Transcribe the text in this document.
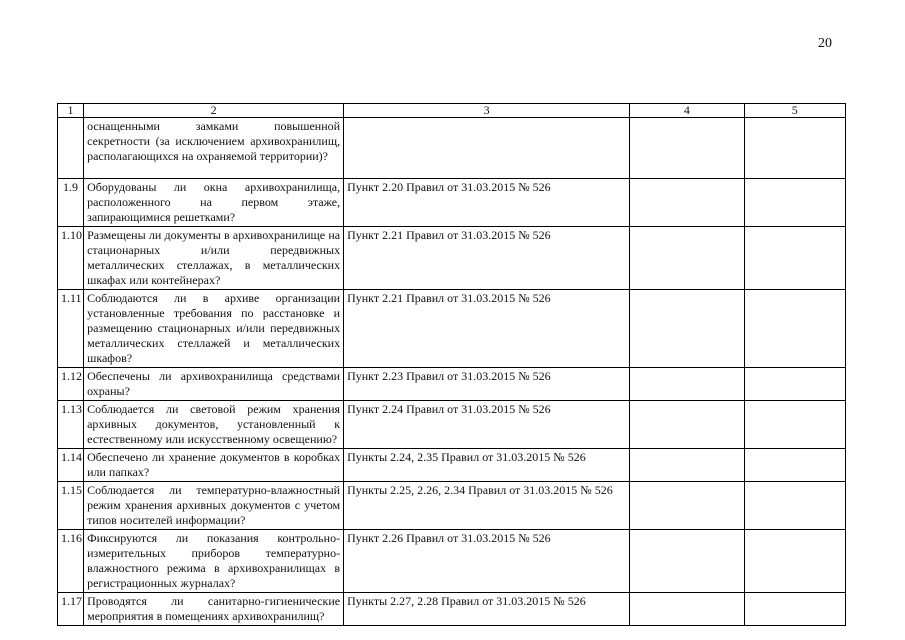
20
1	2	3	4	5
	оснащенными замками повышенной секретности (за исключением архивохранилищ, располагающихся на охраняемой территории)?			
1.9	Оборудованы ли окна архивохранилища, расположенного на первом этаже, запирающимися решетками?	Пункт 2.20 Правил от 31.03.2015 № 526		
1.10	Размещены ли документы в архивохранилище на стационарных и/или передвижных металлических стеллажах, в металлических шкафах или контейнерах?	Пункт 2.21 Правил от 31.03.2015 № 526		
1.11	Соблюдаются ли в архиве организации установленные требования по расстановке и размещению стационарных и/или передвижных металлических стеллажей и металлических шкафов?	Пункт 2.21 Правил от 31.03.2015 № 526		
1.12	Обеспечены ли архивохранилища средствами охраны?	Пункт 2.23 Правил от 31.03.2015 № 526		
1.13	Соблюдается ли световой режим хранения архивных документов, установленный к естественному или искусственному освещению?	Пункт 2.24 Правил от 31.03.2015 № 526		
1.14	Обеспечено ли хранение документов в коробках или папках?	Пункты 2.24, 2.35 Правил от 31.03.2015 № 526		
1.15	Соблюдается ли температурно-влажностный режим хранения архивных документов с учетом типов носителей информации?	Пункты 2.25, 2.26, 2.34 Правил от 31.03.2015 № 526		
1.16	Фиксируются ли показания контрольно-измерительных приборов температурно-влажностного режима в архивохранилищах в регистрационных журналах?	Пункт 2.26 Правил от 31.03.2015 № 526		
1.17	Проводятся ли санитарно-гигиенические мероприятия в помещениях архивохранилищ?	Пункты 2.27, 2.28 Правил от 31.03.2015 № 526		
